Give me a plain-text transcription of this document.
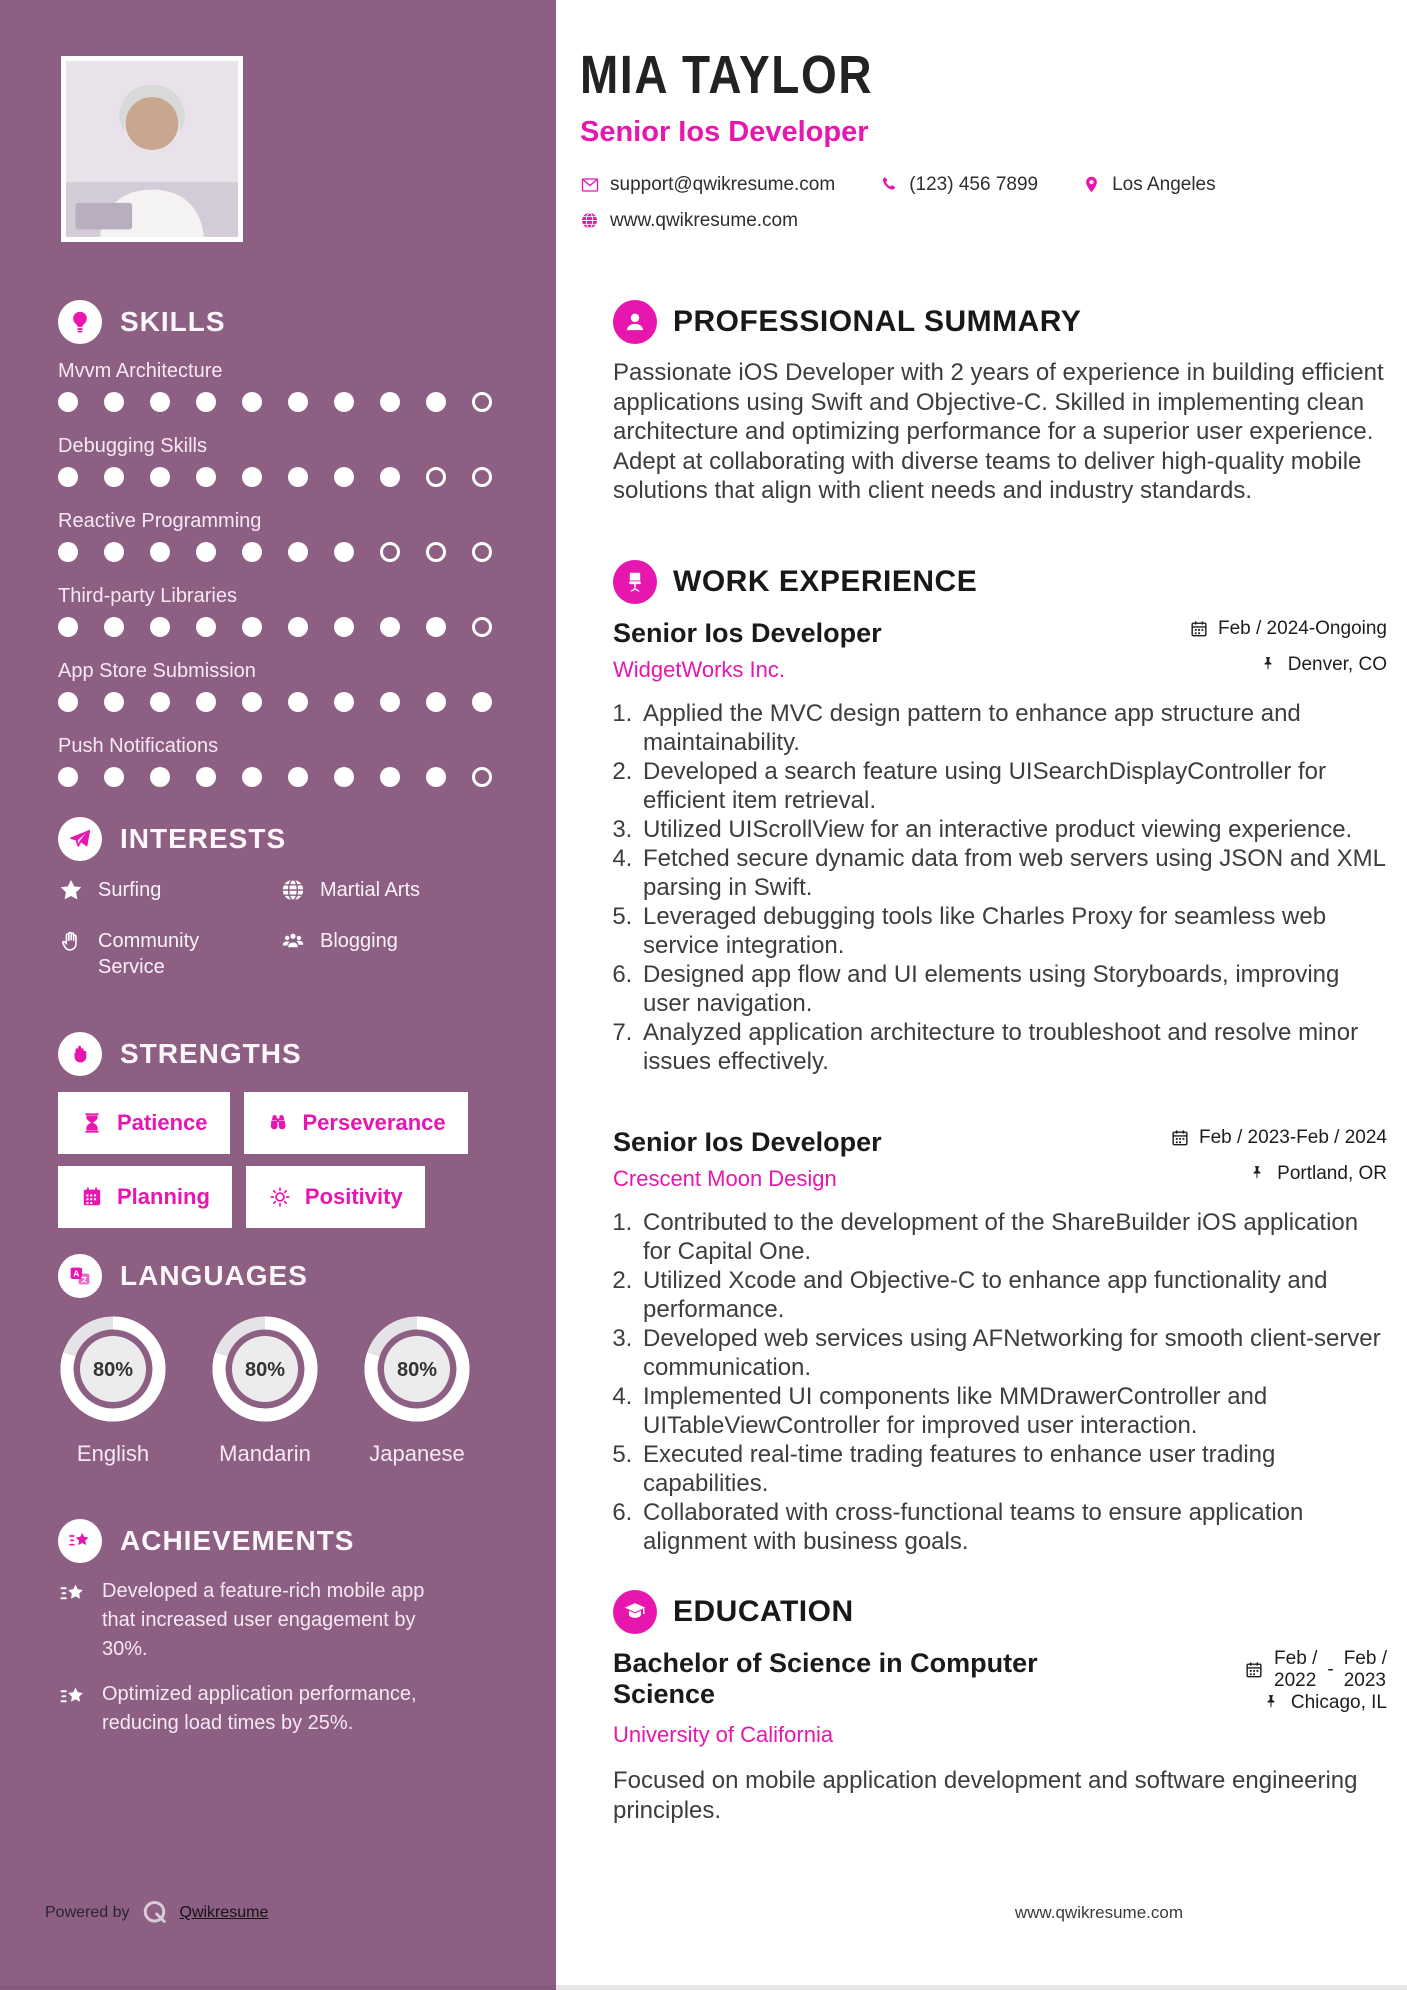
SKILLS
Mvvm Architecture
Debugging Skills
Reactive Programming
Third-party Libraries
App Store Submission
Push Notifications
INTERESTS
Surfing	Martial Arts
Community Service
Blogging
STRENGTHS
Patience	Perseverance
Planning	Positivity
A LANGUAGES
80%
English
80%
Mandarin
80%
Japanese
ACHIEVEMENTS

Developed a feature-rich mobile app that increased user engagement by 30%.

Optimized application performance, reducing load times by 25%.

Powered by	Qwikresume
MIA TAYLOR
Senior Ios Developer
support@qwikresume.com	(123) 456 7899	Los Angeles
www.qwikresume.com
PROFESSIONAL SUMMARY

Passionate iOS Developer with 2 years of experience in building efficient applications using Swift and Objective-C. Skilled in implementing clean architecture and optimizing performance for a superior user experience. Adept at collaborating with diverse teams to deliver high-quality mobile solutions that align with client needs and industry standards.

WORK EXPERIENCE
Senior Ios Developer
WidgetWorks Inc.
Feb / 2024-Ongoing
Denver, CO
1. Applied the MVC design pattern to enhance app structure and maintainability.
2. Developed a search feature using UISearchDisplayController for efficient item retrieval.
3. Utilized UIScrollView for an interactive product viewing experience.
4. Fetched secure dynamic data from web servers using JSON and XML parsing in Swift.
5. Leveraged debugging tools like Charles Proxy for seamless web service integration.
6. Designed app flow and UI elements using Storyboards, improving user navigation.
7. Analyzed application architecture to troubleshoot and resolve minor issues effectively.
Senior Ios Developer
Crescent Moon Design
Feb / 2023-Feb / 2024
Portland, OR
1. Contributed to the development of the ShareBuilder iOS application for Capital One.
2. Utilized Xcode and Objective-C to enhance app functionality and performance.
3. Developed web services using AFNetworking for smooth client-server communication.
4. Implemented UI components like MMDrawerController and UITableViewController for improved user interaction.
5. Executed real-time trading features to enhance user trading capabilities.
6. Collaborated with cross-functional teams to ensure application alignment with business goals.
EDUCATION
Bachelor of Science in Computer Science
University of California
Feb /
2022
-
Feb /
2023
Chicago, IL

Focused on mobile application development and software engineering principles.

www.qwikresume.com
